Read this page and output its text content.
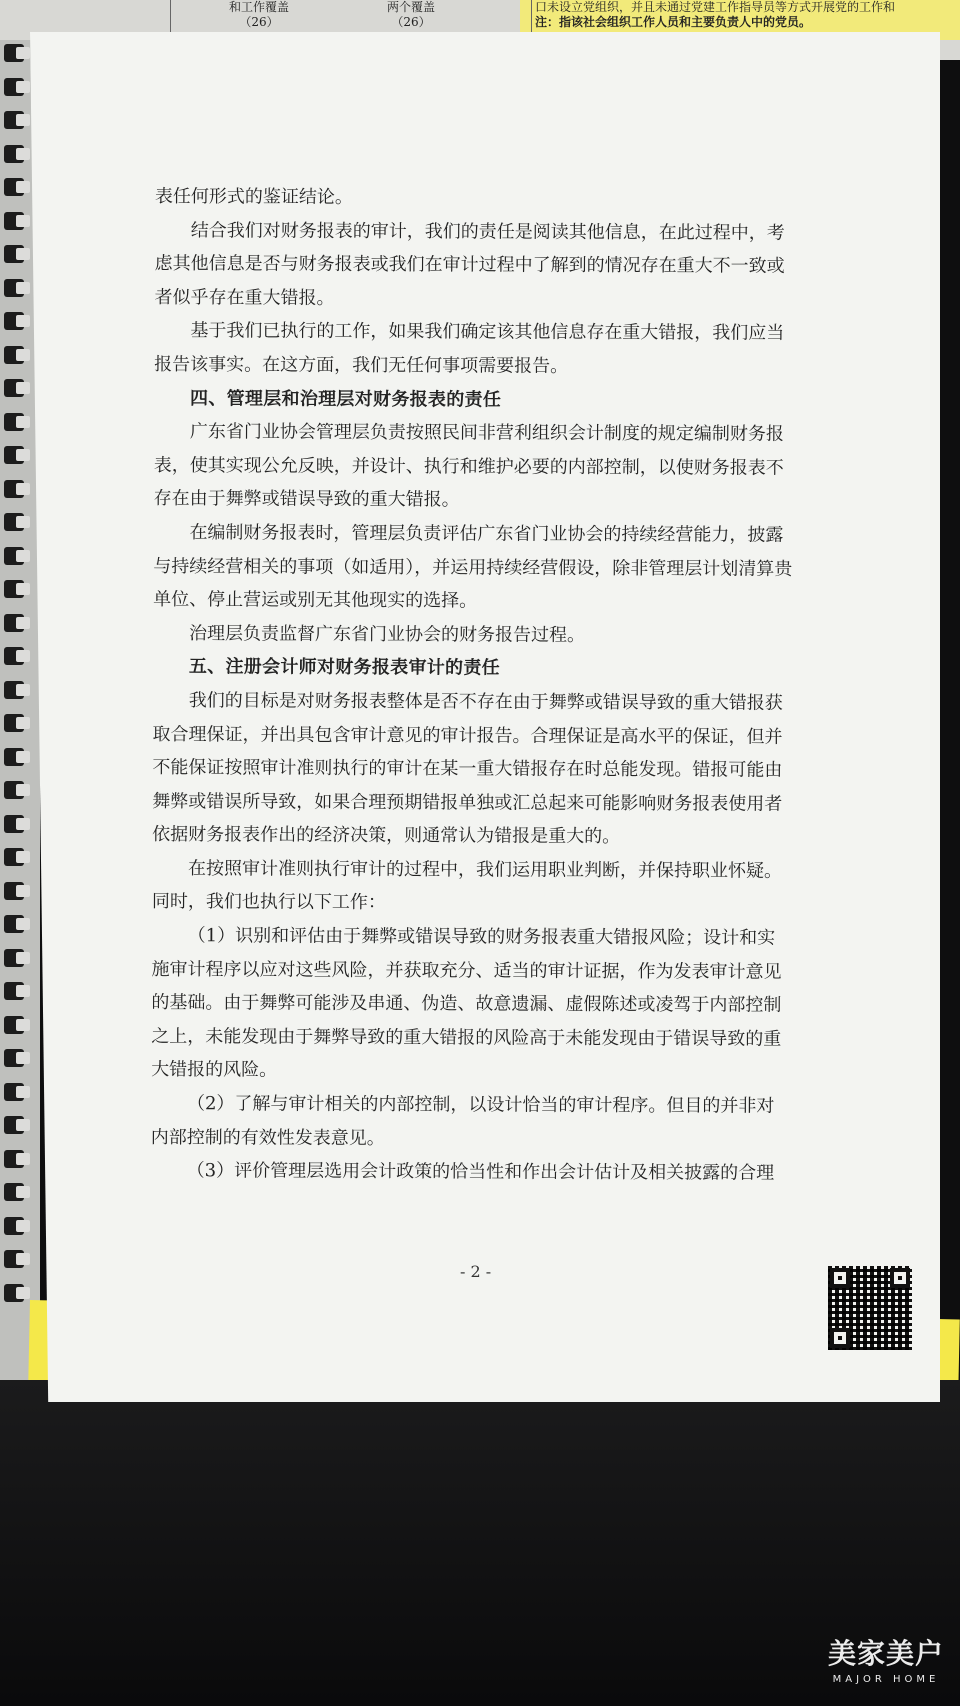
和工作覆盖
（26）
两个覆盖
（26）
口未设立党组织，并且未通过党建工作指导员等方式开展党的工作和
注：指该社会组织工作人员和主要负责人中的党员。

表任何形式的鉴证结论。

结合我们对财务报表的审计，我们的责任是阅读其他信息，在此过程中，考虑其他信息是否与财务报表或我们在审计过程中了解到的情况存在重大不一致或者似乎存在重大错报。

基于我们已执行的工作，如果我们确定该其他信息存在重大错报，我们应当报告该事实。在这方面，我们无任何事项需要报告。

四、管理层和治理层对财务报表的责任

广东省门业协会管理层负责按照民间非营利组织会计制度的规定编制财务报表，使其实现公允反映，并设计、执行和维护必要的内部控制，以使财务报表不存在由于舞弊或错误导致的重大错报。

在编制财务报表时，管理层负责评估广东省门业协会的持续经营能力，披露与持续经营相关的事项（如适用），并运用持续经营假设，除非管理层计划清算贵单位、停止营运或别无其他现实的选择。

治理层负责监督广东省门业协会的财务报告过程。

五、注册会计师对财务报表审计的责任

我们的目标是对财务报表整体是否不存在由于舞弊或错误导致的重大错报获取合理保证，并出具包含审计意见的审计报告。合理保证是高水平的保证，但并不能保证按照审计准则执行的审计在某一重大错报存在时总能发现。错报可能由舞弊或错误所导致，如果合理预期错报单独或汇总起来可能影响财务报表使用者依据财务报表作出的经济决策，则通常认为错报是重大的。

在按照审计准则执行审计的过程中，我们运用职业判断，并保持职业怀疑。同时，我们也执行以下工作：

（1）识别和评估由于舞弊或错误导致的财务报表重大错报风险；设计和实施审计程序以应对这些风险，并获取充分、适当的审计证据，作为发表审计意见的基础。由于舞弊可能涉及串通、伪造、故意遗漏、虚假陈述或凌驾于内部控制之上，未能发现由于舞弊导致的重大错报的风险高于未能发现由于错误导致的重大错报的风险。

（2）了解与审计相关的内部控制，以设计恰当的审计程序。但目的并非对内部控制的有效性发表意见。

（3）评价管理层选用会计政策的恰当性和作出会计估计及相关披露的合理

- 2 -
美家美户
MAJOR HOME
